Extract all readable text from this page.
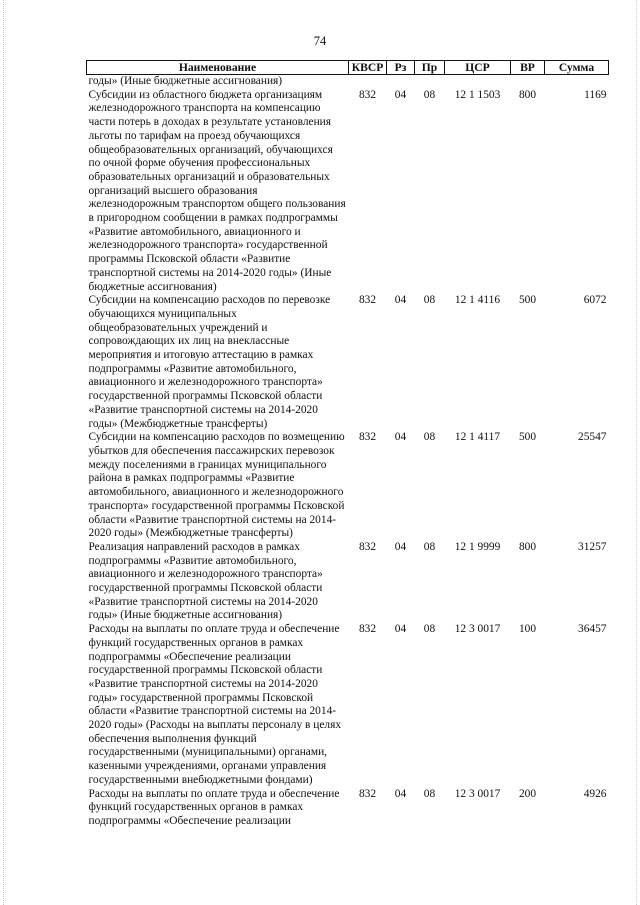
74
Наименование	КВСР	Рз	Пр	ЦСР	ВР	Сумма
годы» (Иные бюджетные ассигнования)						
Субсидии из областного бюджета организациям железнодорожного транспорта на компенсацию части потерь в доходах в результате установления льготы по тарифам на проезд обучающихся общеобразовательных организаций, обучающихся по очной форме обучения профессиональных образовательных организаций и образовательных организаций высшего образования железнодорожным транспортом общего пользования в пригородном сообщении в рамках подпрограммы «Развитие автомобильного, авиационного и железнодорожного транспорта» государственной программы Псковской области «Развитие транспортной системы на 2014-2020 годы» (Иные бюджетные ассигнования)	832	04	08	12 1 1503	800	1169
Субсидии на компенсацию расходов по перевозке обучающихся муниципальных общеобразовательных учреждений и сопровождающих их лиц на внеклассные мероприятия и итоговую аттестацию в рамках подпрограммы «Развитие автомобильного, авиационного и железнодорожного транспорта» государственной программы Псковской области «Развитие транспортной системы на 2014-2020 годы» (Межбюджетные трансферты)	832	04	08	12 1 4116	500	6072
Субсидии на компенсацию расходов по возмещению убытков для обеспечения пассажирских перевозок между поселениями в границах муниципального района в рамках подпрограммы «Развитие автомобильного, авиационного и железнодорожного транспорта» государственной программы Псковской области «Развитие транспортной системы на 2014-2020 годы» (Межбюджетные трансферты)	832	04	08	12 1 4117	500	25547
Реализация направлений расходов в рамках подпрограммы «Развитие автомобильного, авиационного и железнодорожного транспорта» государственной программы Псковской области «Развитие транспортной системы на 2014-2020 годы» (Иные бюджетные ассигнования)	832	04	08	12 1 9999	800	31257
Расходы на выплаты по оплате труда и обеспечение функций государственных органов в рамках подпрограммы «Обеспечение реализации государственной программы Псковской области «Развитие транспортной системы на 2014-2020 годы» государственной программы Псковской области «Развитие транспортной системы на 2014-2020 годы» (Расходы на выплаты персоналу в целях обеспечения выполнения функций государственными (муниципальными) органами, казенными учреждениями, органами управления государственными внебюджетными фондами)	832	04	08	12 3 0017	100	36457
Расходы на выплаты по оплате труда и обеспечение функций государственных органов в рамках подпрограммы «Обеспечение реализации	832	04	08	12 3 0017	200	4926
